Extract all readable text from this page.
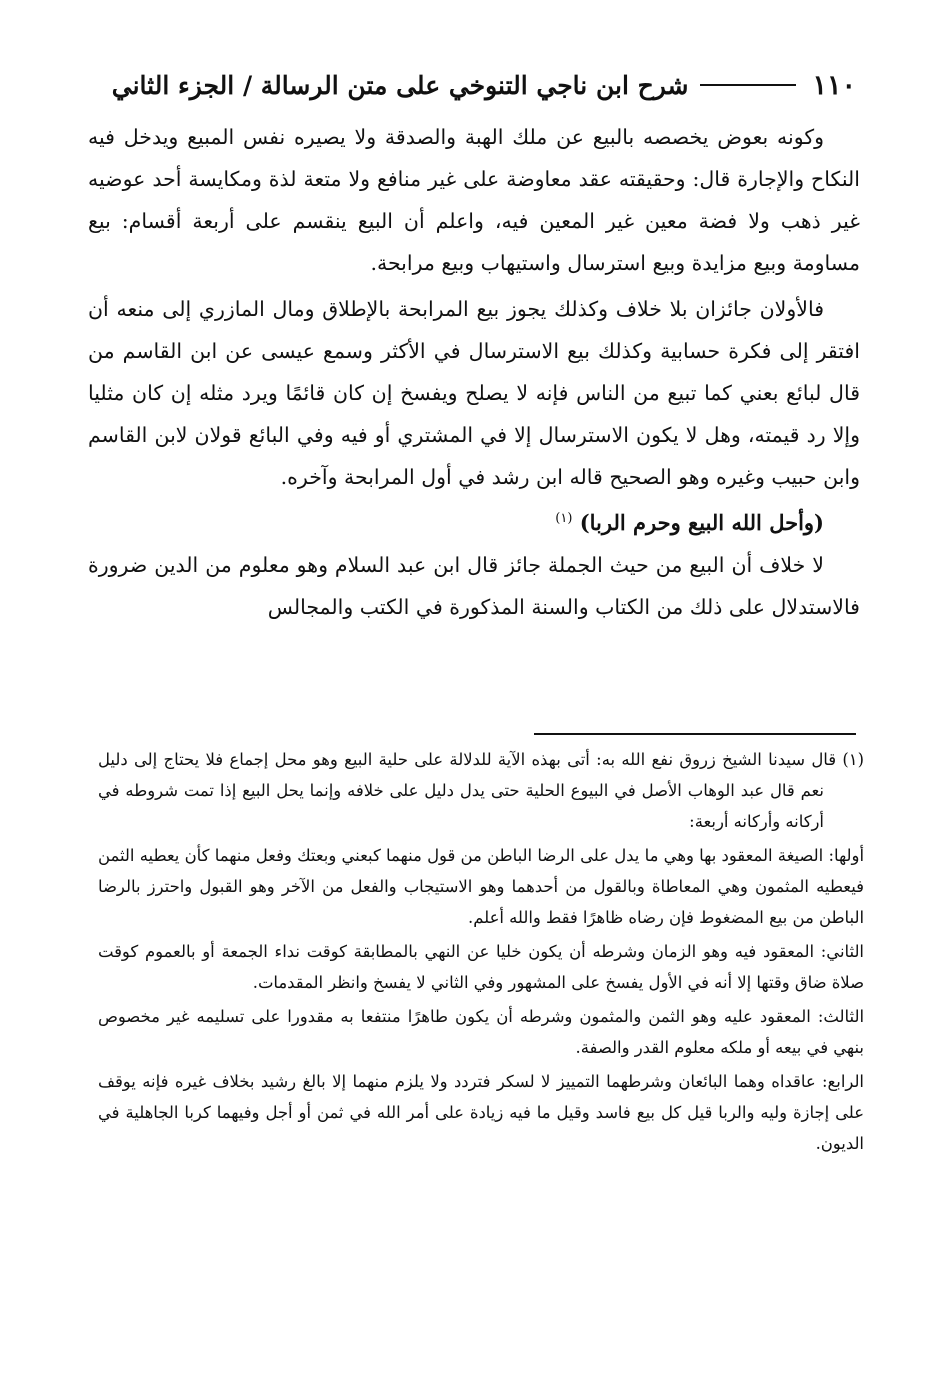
١١٠
شرح ابن ناجي التنوخي على متن الرسالة / الجزء الثاني

وكونه بعوض يخصصه بالبيع عن ملك الهبة والصدقة ولا يصيره نفس المبيع ويدخل فيه النكاح والإجارة قال: وحقيقته عقد معاوضة على غير منافع ولا متعة لذة ومكايسة أحد عوضيه غير ذهب ولا فضة معين غير المعين فيه، واعلم أن البيع ينقسم على أربعة أقسام: بيع مساومة وبيع مزايدة وبيع استرسال واستيهاب وبيع مرابحة.

فالأولان جائزان بلا خلاف وكذلك يجوز بيع المرابحة بالإطلاق ومال المازري إلى منعه أن افتقر إلى فكرة حسابية وكذلك بيع الاسترسال في الأكثر وسمع عيسى عن ابن القاسم من قال لبائع بعني كما تبيع من الناس فإنه لا يصلح ويفسخ إن كان قائمًا ويرد مثله إن كان مثليا وإلا رد قيمته، وهل لا يكون الاسترسال إلا في المشتري أو فيه وفي البائع قولان لابن القاسم وابن حبيب وغيره وهو الصحيح قاله ابن رشد في أول المرابحة وآخره.

(وأحل الله البيع وحرم الربا) $^{(١)}$

لا خلاف أن البيع من حيث الجملة جائز قال ابن عبد السلام وهو معلوم من الدين ضرورة فالاستدلال على ذلك من الكتاب والسنة المذكورة في الكتب والمجالس

(١) قال سيدنا الشيخ زروق نفع الله به: أتى بهذه الآية للدلالة على حلية البيع وهو محل إجماع فلا يحتاج إلى دليل نعم قال عبد الوهاب الأصل في البيوع الحلية حتى يدل دليل على خلافه وإنما يحل البيع إذا تمت شروطه في أركانه وأركانه أربعة:

أولها: الصيغة المعقود بها وهي ما يدل على الرضا الباطن من قول منهما كبعني وبعتك وفعل منهما كأن يعطيه الثمن فيعطيه المثمون وهي المعاطاة وبالقول من أحدهما وهو الاستيجاب والفعل من الآخر وهو القبول واحترز بالرضا الباطن من بيع المضغوط فإن رضاه ظاهرًا فقط والله أعلم.

الثاني: المعقود فيه وهو الزمان وشرطه أن يكون خليا عن النهي بالمطابقة كوقت نداء الجمعة أو بالعموم كوقت صلاة ضاق وقتها إلا أنه في الأول يفسخ على المشهور وفي الثاني لا يفسخ وانظر المقدمات.

الثالث: المعقود عليه وهو الثمن والمثمون وشرطه أن يكون طاهرًا منتفعا به مقدورا على تسليمه غير مخصوص بنهي في بيعه أو ملكه معلوم القدر والصفة.

الرابع: عاقداه وهما البائعان وشرطهما التمييز لا لسكر فتردد ولا يلزم منهما إلا بالغ رشيد بخلاف غيره فإنه يوقف على إجازة وليه والربا قيل كل بيع فاسد وقيل ما فيه زيادة على أمر الله في ثمن أو أجل وفيهما كربا الجاهلية في الديون.
